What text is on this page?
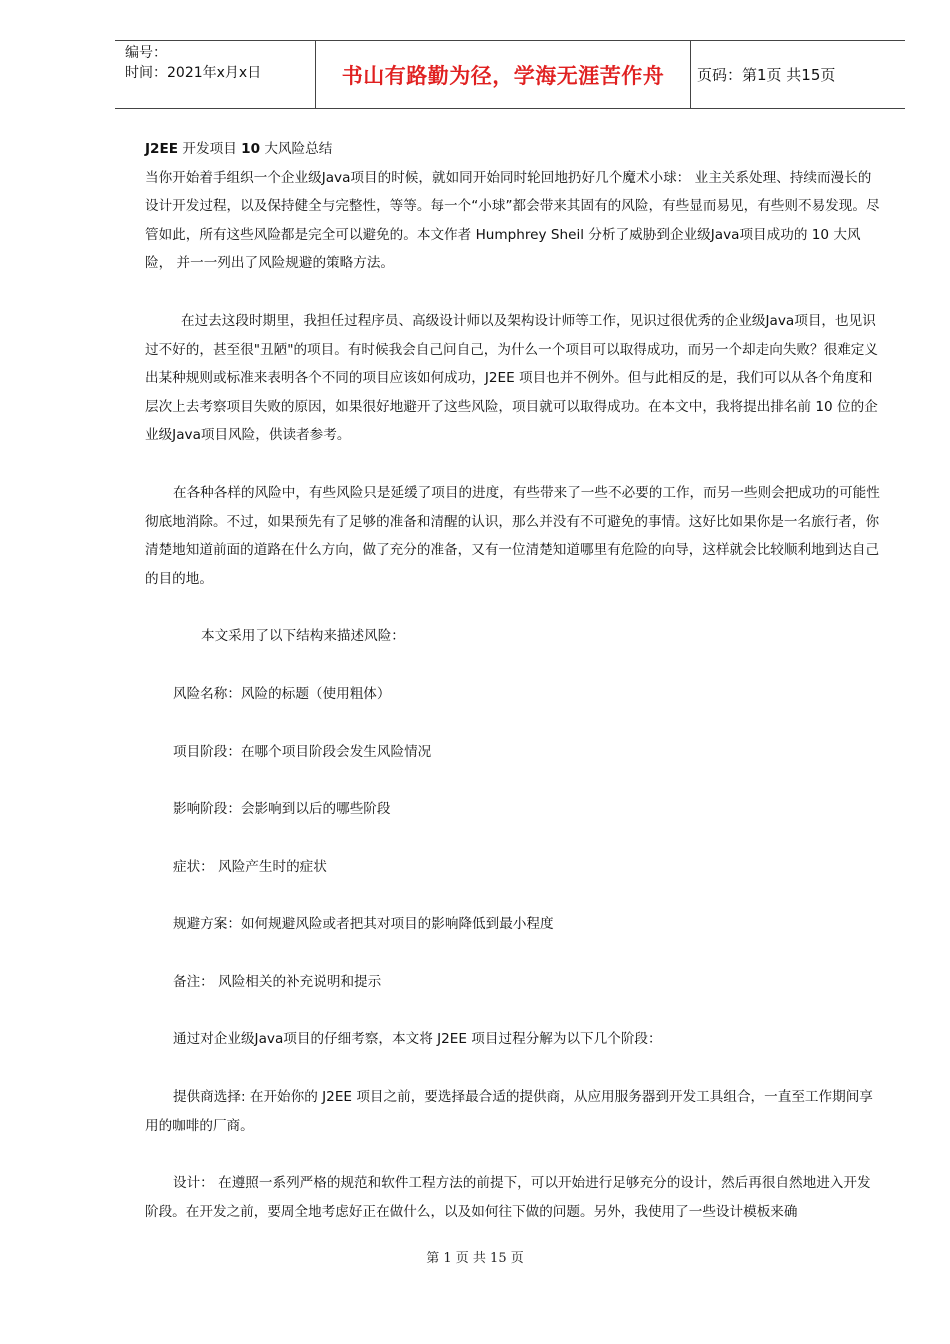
编号：
时间：2021年x月x日	书山有路勤为径，学海无涯苦作舟 页码：第1页 共15页

J2EE 开发项目 10 大风险总结

当你开始着手组织一个企业级Java项目的时候，就如同开始同时轮回地扔好几个魔术小球： 业主关系处理、持续而漫长的设计开发过程，以及保持健全与完整性，等等。每一个“小球”都会带来其固有的风险，有些显而易见，有些则不易发现。尽管如此，所有这些风险都是完全可以避免的。本文作者 Humphrey Sheil 分析了威胁到企业级Java项目成功的 10 大风险， 并一一列出了风险规避的策略方法。

在过去这段时期里，我担任过程序员、高级设计师以及架构设计师等工作，见识过很优秀的企业级Java项目，也见识过不好的，甚至很"丑陋"的项目。有时候我会自己问自己，为什么一个项目可以取得成功，而另一个却走向失败？很难定义出某种规则或标准来表明各个不同的项目应该如何成功，J2EE 项目也并不例外。但与此相反的是，我们可以从各个角度和层次上去考察项目失败的原因，如果很好地避开了这些风险，项目就可以取得成功。在本文中，我将提出排名前 10 位的企业级Java项目风险，供读者参考。

在各种各样的风险中，有些风险只是延缓了项目的进度，有些带来了一些不必要的工作，而另一些则会把成功的可能性彻底地消除。不过，如果预先有了足够的准备和清醒的认识，那么并没有不可避免的事情。这好比如果你是一名旅行者，你清楚地知道前面的道路在什么方向，做了充分的准备，又有一位清楚知道哪里有危险的向导，这样就会比较顺利地到达自己的目的地。

本文采用了以下结构来描述风险：

风险名称：风险的标题（使用粗体）

项目阶段：在哪个项目阶段会发生风险情况

影响阶段：会影响到以后的哪些阶段

症状： 风险产生时的症状

规避方案：如何规避风险或者把其对项目的影响降低到最小程度

备注： 风险相关的补充说明和提示

通过对企业级Java项目的仔细考察，本文将 J2EE 项目过程分解为以下几个阶段：

提供商选择: 在开始你的 J2EE 项目之前，要选择最合适的提供商，从应用服务器到开发工具组合，一直至工作期间享用的咖啡的厂商。

设计： 在遵照一系列严格的规范和软件工程方法的前提下，可以开始进行足够充分的设计，然后再很自然地进入开发阶段。在开发之前，要周全地考虑好正在做什么，以及如何往下做的问题。另外，我使用了一些设计模板来确

第 1 页 共 15 页
